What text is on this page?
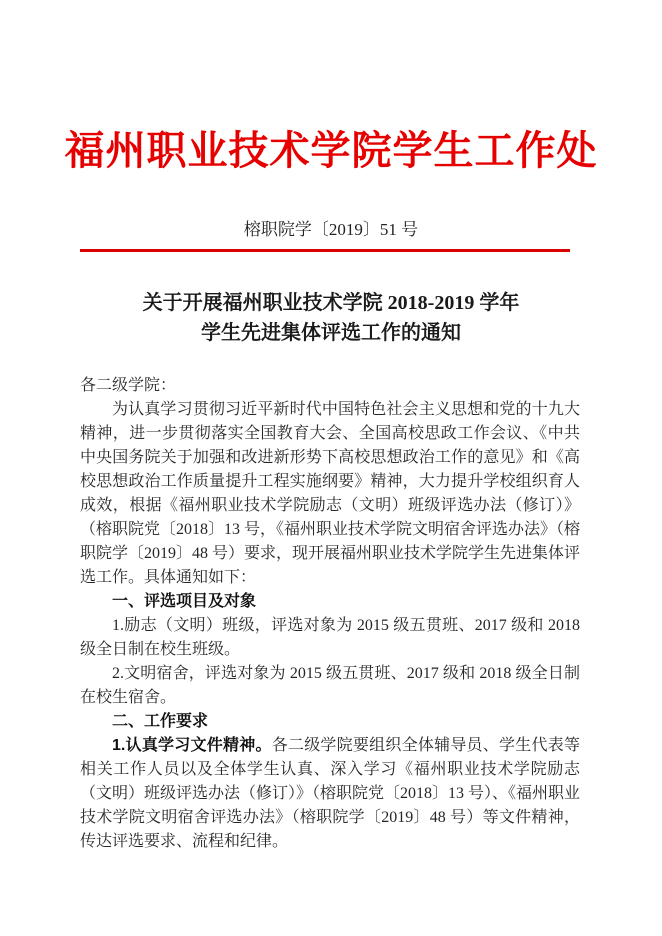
福州职业技术学院学生工作处
榕职院学〔2019〕51 号
关于开展福州职业技术学院 2018-2019 学年
学生先进集体评选工作的通知

各二级学院：

为认真学习贯彻习近平新时代中国特色社会主义思想和党的十九大精神，进一步贯彻落实全国教育大会、全国高校思政工作会议、《中共中央国务院关于加强和改进新形势下高校思想政治工作的意见》和《高校思想政治工作质量提升工程实施纲要》精神，大力提升学校组织育人成效，根据《福州职业技术学院励志（文明）班级评选办法（修订）》（榕职院党〔2018〕13 号，《福州职业技术学院文明宿舍评选办法》（榕职院学〔2019〕48 号）要求，现开展福州职业技术学院学生先进集体评选工作。具体通知如下：

一、评选项目及对象

1.励志（文明）班级，评选对象为 2015 级五贯班、2017 级和 2018 级全日制在校生班级。

2.文明宿舍，评选对象为 2015 级五贯班、2017 级和 2018 级全日制在校生宿舍。

二、工作要求

1.认真学习文件精神。各二级学院要组织全体辅导员、学生代表等相关工作人员以及全体学生认真、深入学习《福州职业技术学院励志（文明）班级评选办法（修订）》（榕职院党〔2018〕13 号）、《福州职业技术学院文明宿舍评选办法》（榕职院学〔2019〕48 号）等文件精神，传达评选要求、流程和纪律。
